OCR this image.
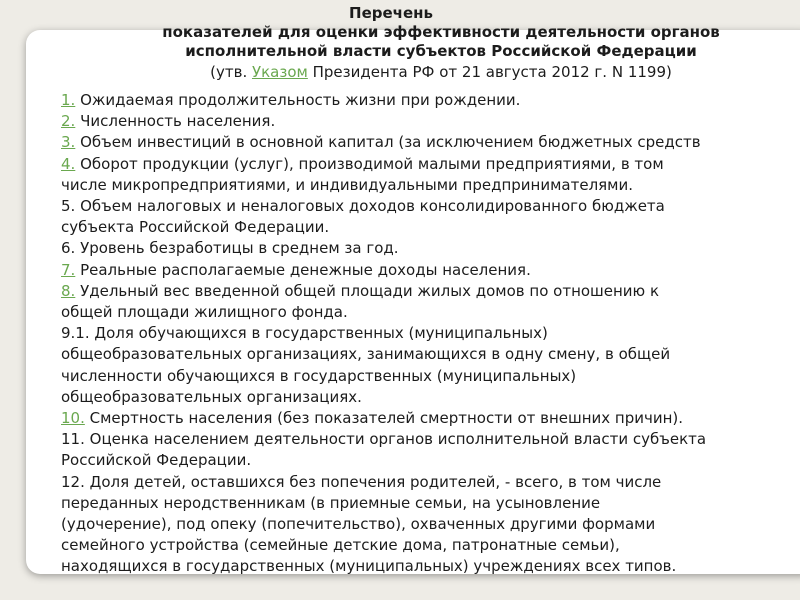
Перечень
показателей для оценки эффективности деятельности органов
исполнительной власти субъектов Российской Федерации
(утв. Указом Президента РФ от 21 августа 2012 г. N 1199)
1. Ожидаемая продолжительность жизни при рождении.
2. Численность населения.
3. Объем инвестиций в основной капитал (за исключением бюджетных средств
4. Оборот продукции (услуг), производимой малыми предприятиями, в том
числе микропредприятиями, и индивидуальными предпринимателями.
5. Объем налоговых и неналоговых доходов консолидированного бюджета
субъекта Российской Федерации.
6. Уровень безработицы в среднем за год.
7. Реальные располагаемые денежные доходы населения.
8. Удельный вес введенной общей площади жилых домов по отношению к
общей площади жилищного фонда.
9.1. Доля обучающихся в государственных (муниципальных)
общеобразовательных организациях, занимающихся в одну смену, в общей
численности обучающихся в государственных (муниципальных)
общеобразовательных организациях.
10. Смертность населения (без показателей смертности от внешних причин).
11. Оценка населением деятельности органов исполнительной власти субъекта
Российской Федерации.
12. Доля детей, оставшихся без попечения родителей, - всего, в том числе
переданных неродственникам (в приемные семьи, на усыновление
(удочерение), под опеку (попечительство), охваченных другими формами
семейного устройства (семейные детские дома, патронатные семьи),
находящихся в государственных (муниципальных) учреждениях всех типов.
